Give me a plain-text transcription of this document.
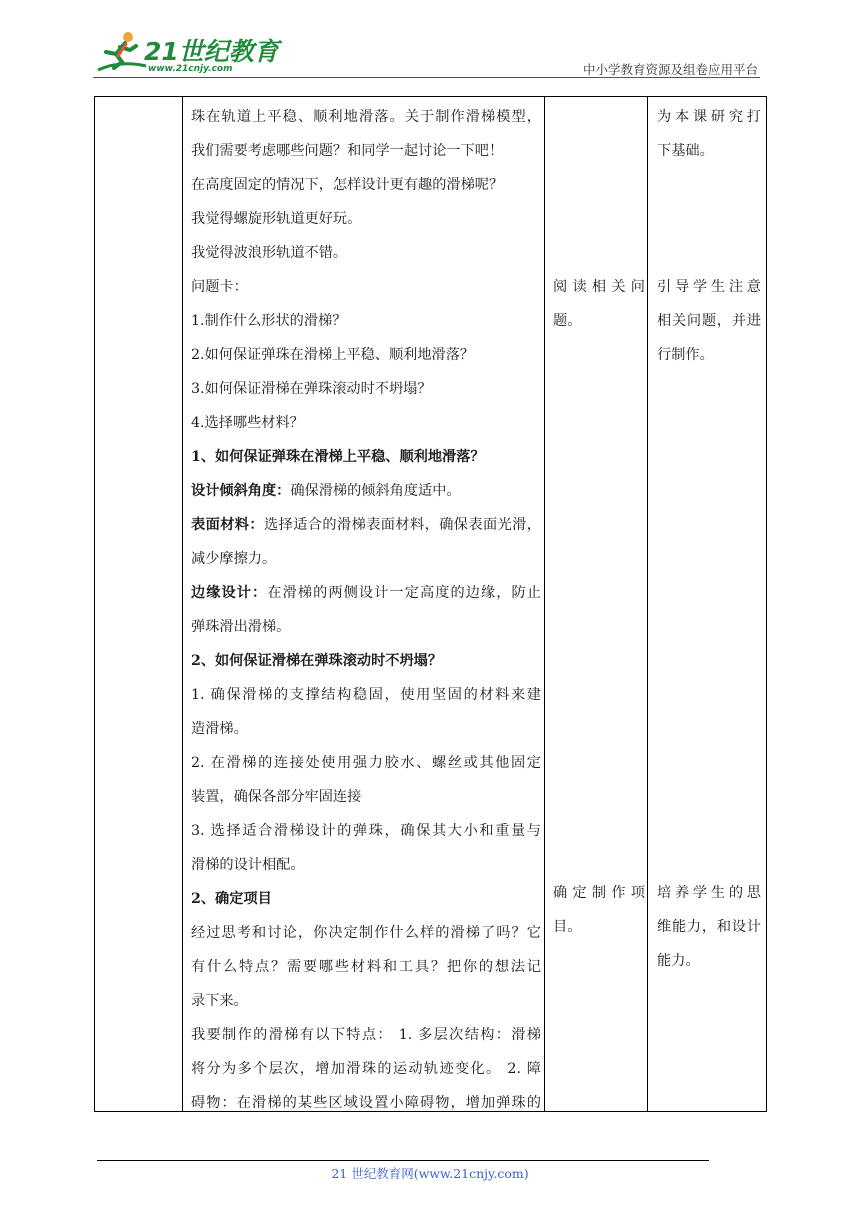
21世纪教育
www.21cnjy.com	中小学教育资源及组卷应用平台

珠在轨道上平稳、顺利地滑落。关于制作滑梯模型，

我们需要考虑哪些问题？和同学一起讨论一下吧！

在高度固定的情况下，怎样设计更有趣的滑梯呢？

我觉得螺旋形轨道更好玩。

我觉得波浪形轨道不错。

问题卡：

1.制作什么形状的滑梯？

2.如何保证弹珠在滑梯上平稳、顺利地滑落？

3.如何保证滑梯在弹珠滚动时不坍塌？

4.选择哪些材料？

1、如何保证弹珠在滑梯上平稳、顺利地滑落？

设计倾斜角度：确保滑梯的倾斜角度适中。

表面材料：选择适合的滑梯表面材料，确保表面光滑，

减少摩擦力。

边缘设计：在滑梯的两侧设计一定高度的边缘，防止

弹珠滑出滑梯。

2、如何保证滑梯在弹珠滚动时不坍塌？

1. 确保滑梯的支撑结构稳固，使用坚固的材料来建

造滑梯。

2. 在滑梯的连接处使用强力胶水、螺丝或其他固定

装置，确保各部分牢固连接

3. 选择适合滑梯设计的弹珠，确保其大小和重量与

滑梯的设计相配。

2、确定项目

经过思考和讨论，你决定制作什么样的滑梯了吗？它

有什么特点？需要哪些材料和工具？把你的想法记

录下来。

我要制作的滑梯有以下特点： 1. 多层次结构：滑梯

将分为多个层次，增加滑珠的运动轨迹变化。 2. 障

碍物：在滑梯的某些区域设置小障碍物，增加弹珠的

阅读相关问

题。

确定制作项

目。

为本课研究打

下基础。

引导学生注意

相关问题，并进

行制作。

培养学生的思

维能力，和设计

能力。

21 世纪教育网(www.21cnjy.com)
